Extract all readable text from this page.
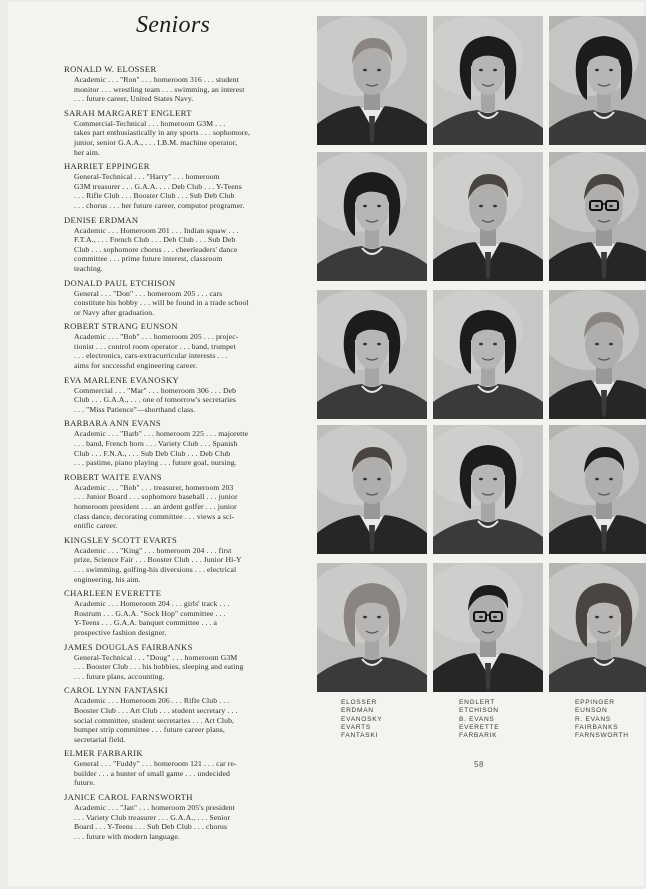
Seniors
RONALD W. ELOSSER
Academic . . . "Ron" . . . homeroom 316 . . . student
monitor . . . wrestling team . . . swimming, an interest
. . . future career, United States Navy.
SARAH MARGARET ENGLERT
Commercial-Technical . . . homeroom G3M . . .
takes part enthusiastically in any sports . . . sophomore,
junior, senior G.A.A., . . . I.B.M. machine operator,
her aim.
HARRIET EPPINGER
General-Technical . . . "Harry" . . . homeroom
G3M treasurer . . . G.A.A. . . . Deb Club . . . Y-Teens
. . . Rifle Club . . . Booster Club . . . Sub Deb Club
. . . chorus . . . her future career, computor programer.
DENISE ERDMAN
Academic . . . Homeroom 201 . . . Indian squaw . . .
F.T.A., . . . French Club . . . Deb Club . . . Sub Deb
Club . . . sophomore chorus . . . cheerleaders' dance
committee . . . prime future interest, classroom
teaching.
DONALD PAUL ETCHISON
General . . . "Don" . . . homeroom 205 . . . cars
constitute his hobby . . . will be found in a trade school
or Navy after graduation.
ROBERT STRANG EUNSON
Academic . . . "Bob" . . . homeroom 205 . . . projec-
tionist . . . control room operator . . . band, trumpet
. . . electronics, cars-extracurricular interests . . .
aims for successful engineering career.
EVA MARLENE EVANOSKY
Commercial . . . "Mar" . . . homeroom 306 . . . Deb
Club . . . G.A.A., . . . one of tomorrow's secretaries
. . . "Miss Patience"—shorthand class.
BARBARA ANN EVANS
Academic . . . "Barb" . . . homeroom 225 . . . majorette
. . . band, French horn . . . Variety Club . . . Spanish
Club . . . F.N.A., . . . Sub Deb Club . . . Deb Club
. . . pastime, piano playing . . . future goal, nursing.
ROBERT WAITE EVANS
Academic . . . "Bob" . . . treasurer, homeroom 203
. . . Junior Board . . . sophomore baseball . . . junior
homeroom president . . . an ardent golfer . . . junior
class dance, decorating committee . . . views a sci-
entific career.
KINGSLEY SCOTT EVARTS
Academic . . . "King" . . . homeroom 204 . . . first
prize, Science Fair . . . Booster Club . . . Junior Hi-Y
. . . swimming, golfing-his diversions . . . electrical
engineering, his aim.
CHARLEEN EVERETTE
Academic . . . Homeroom 204 . . . girls' track . . .
Rostrum . . . G.A.A. "Sock Hop" committee . . .
Y-Teens . . . G.A.A. banquet committee . . . a
prospective fashion designer.
JAMES DOUGLAS FAIRBANKS
General-Technical . . . "Doug" . . . homeroom G3M
. . . Booster Club . . . his hobbies, sleeping and eating
. . . future plans, accounting.
CAROL LYNN FANTASKI
Academic . . . Homeroom 206 . . . Rifle Club . . .
Booster Club . . . Art Club . . . student secretary . . .
social committee, student secretaries . . . Art Club,
bumper strip committee . . . future career plans,
secretarial field.
ELMER FARBARIK
General . . . "Fuddy" . . . homeroom 121 . . . car re-
builder . . . a hunter of small game . . . undecided
future.
JANICE CAROL FARNSWORTH
Academic . . . "Jan" . . . homeroom 205's president
. . . Variety Club treasurer . . . G.A.A., . . . Senior
Board . . . Y-Teens . . . Sub Deb Club . . . chorus
. . . future with modern language.
ELOSSER
ERDMAN
EVANOSKY
EVARTS
FANTASKI
ENGLERT
ETCHISON
B. EVANS
EVERETTE
FARBARIK
EPPINGER
EUNSON
R. EVANS
FAIRBANKS
FARNSWORTH
58
